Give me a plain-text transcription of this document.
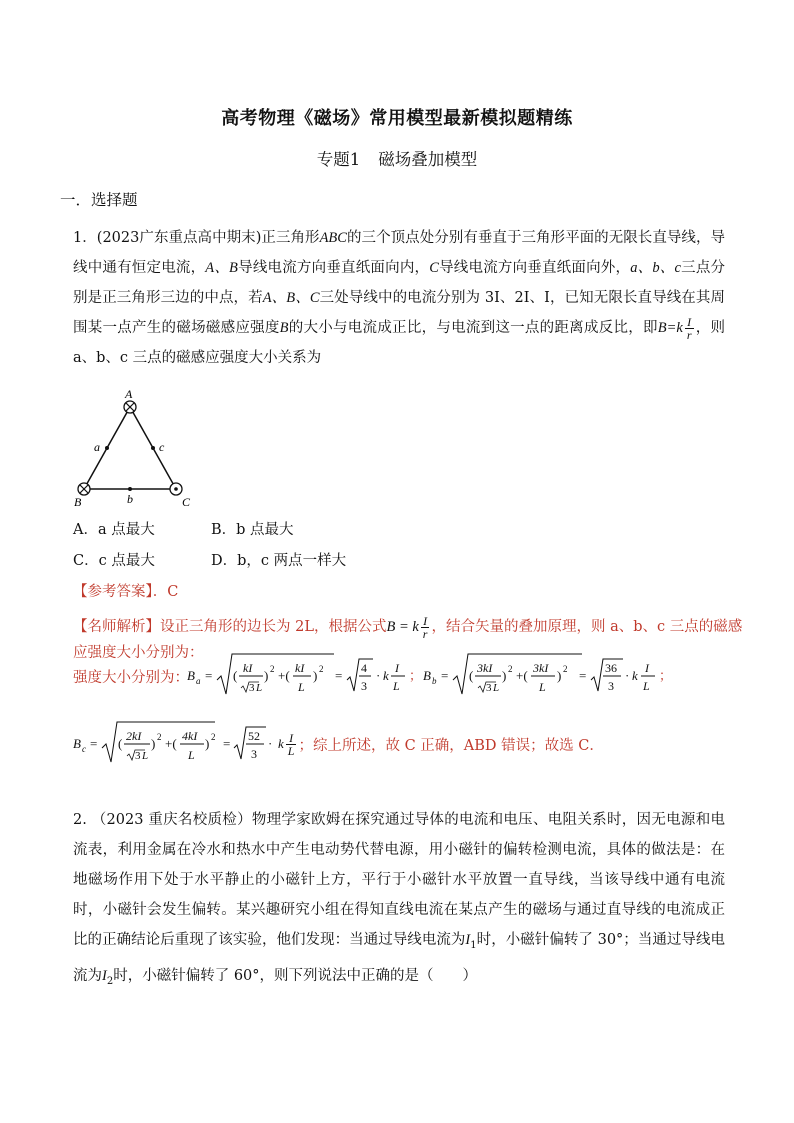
高考物理《磁场》常用模型最新模拟题精练
专题1 磁场叠加模型
一．选择题
1．(2023广东重点高中期末)正三角形ABC的三个顶点处分别有垂直于三角形平面的无限长直导线，导线中通有恒定电流，A、B导线电流方向垂直纸面向内，C导线电流方向垂直纸面向外，a、b、c三点分别是正三角形三边的中点，若A、B、C三处导线中的电流分别为 3I、2I、I，已知无限长直导线在其周围某一点产生的磁场磁感应强度B的大小与电流成正比，与电流到这一点的距离成反比，即$B=k \frac{I}{r}$ ，则 a、b、c 三点的磁感应强度大小关系为
A
B	C
a
b
c
A．a 点最大	B．b 点最大
C．c 点最大	D．b，c 两点一样大
【参考答案】．C
【名师解析】设正三角形的边长为 2L，根据公式B = k $\frac{I}{r}$ ，结合矢量的叠加原理，则 a、b、c 三点的磁感应强度大小分别为：
B a = ( kI
3 L
) 2 +( kI
L
) 2 = 4
3
· k I
L
； B b = ( 3kI
3 L
) 2 +( 3kI
L
) 2 = 36
3
· k I
L
；
强度大小分别为：
B c = ( 2kI
3 L
) 2 +( 4kI
L
) 2 = 52
3
· k $\frac{I}{L}$ ；综上所述，故 C 正确，ABD 错误；故选 C．
2. （2023 重庆名校质检）物理学家欧姆在探究通过导体的电流和电压、电阻关系时，因无电源和电流表，利用金属在冷水和热水中产生电动势代替电源，用小磁针的偏转检测电流，具体的做法是：在地磁场作用下处于水平静止的小磁针上方，平行于小磁针水平放置一直导线，当该导线中通有电流时，小磁针会发生偏转。某兴趣研究小组在得知直线电流在某点产生的磁场与通过直导线的电流成正比的正确结论后重现了该实验，他们发现：当通过导线电流为$I_1$时，小磁针偏转了 30°；当通过导线电流为$I_2$时，小磁针偏转了 60°，则下列说法中正确的是（　　）
